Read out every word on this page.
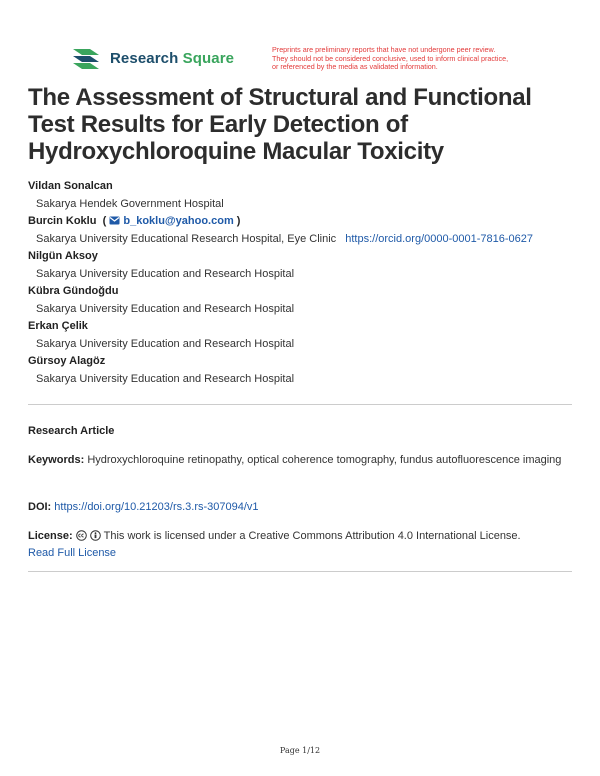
Research Square	Preprints are preliminary reports that have not undergone peer review.
They should not be considered conclusive, used to inform clinical practice,
or referenced by the media as validated information.
The Assessment of Structural and Functional Test Results for Early Detection of Hydroxychloroquine Macular Toxicity
Vildan Sonalcan
Sakarya Hendek Government Hospital
Burcin Koklu  (  b_koklu@yahoo.com )
Sakarya University Educational Research Hospital, Eye Clinic https://orcid.org/0000-0001-7816-0627
Nilgün Aksoy
Sakarya University Education and Research Hospital
Kübra Gündoğdu
Sakarya University Education and Research Hospital
Erkan Çelik
Sakarya University Education and Research Hospital
Gürsoy Alagöz
Sakarya University Education and Research Hospital
Research Article
Keywords: Hydroxychloroquine retinopathy, optical coherence tomography, fundus autofluorescence imaging
DOI: https://doi.org/10.21203/rs.3.rs-307094/v1
License:	This work is licensed under a Creative Commons Attribution 4.0 International License.
Read Full License
Page 1/12
